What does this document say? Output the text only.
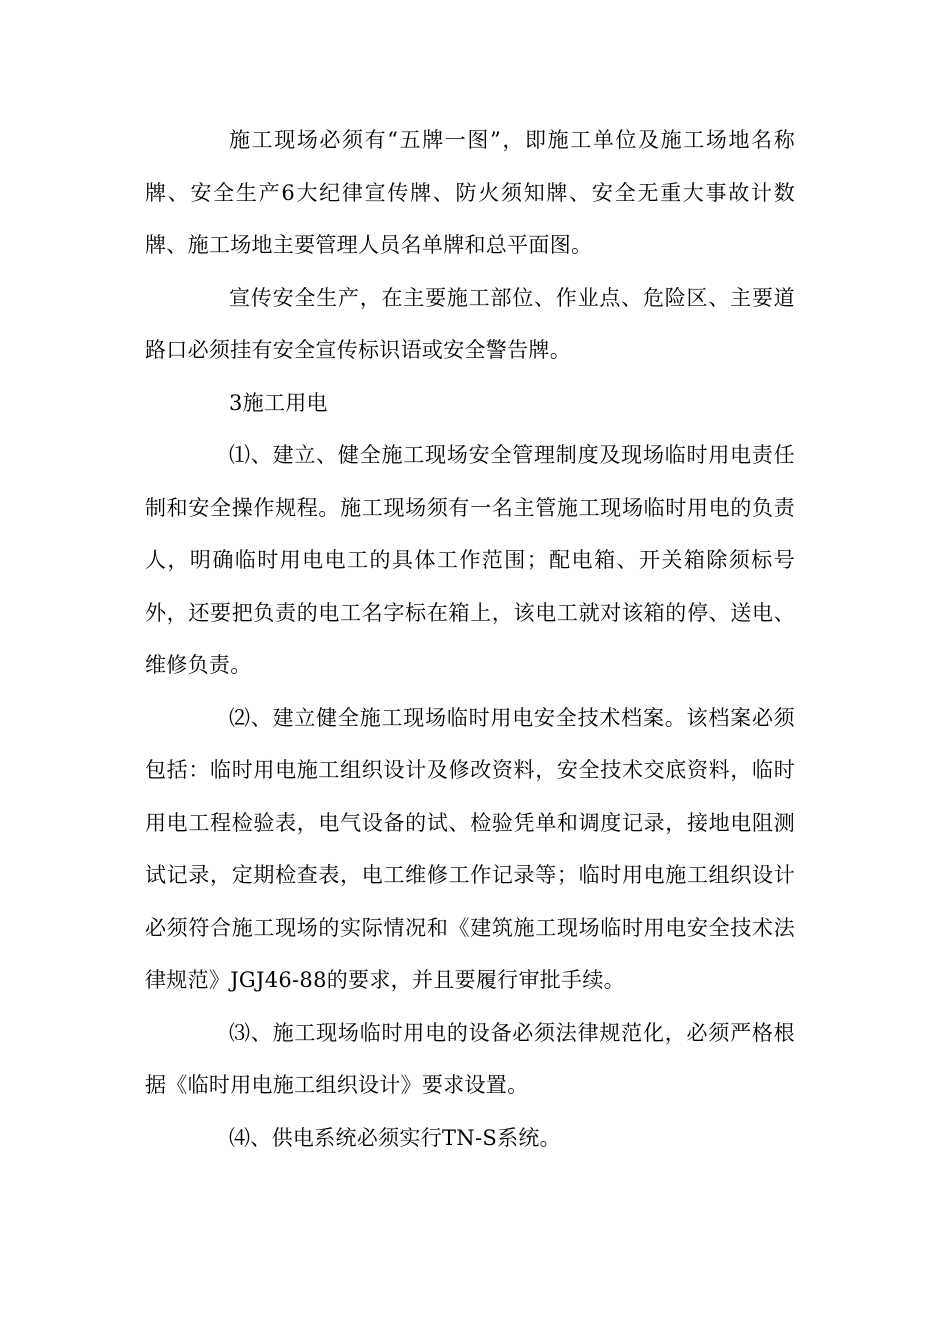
施工现场必须有“五牌一图”，即施工单位及施工场地名称牌、安全生产6大纪律宣传牌、防火须知牌、安全无重大事故计数牌、施工场地主要管理人员名单牌和总平面图。

宣传安全生产，在主要施工部位、作业点、危险区、主要道路口必须挂有安全宣传标识语或安全警告牌。

3施工用电

⑴、建立、健全施工现场安全管理制度及现场临时用电责任制和安全操作规程。施工现场须有一名主管施工现场临时用电的负责人，明确临时用电电工的具体工作范围；配电箱、开关箱除须标号外，还要把负责的电工名字标在箱上，该电工就对该箱的停、送电、维修负责。

⑵、建立健全施工现场临时用电安全技术档案。该档案必须包括：临时用电施工组织设计及修改资料，安全技术交底资料，临时用电工程检验表，电气设备的试、检验凭单和调度记录，接地电阻测试记录，定期检查表，电工维修工作记录等；临时用电施工组织设计必须符合施工现场的实际情况和《建筑施工现场临时用电安全技术法律规范》JGJ46-88的要求，并且要履行审批手续。

⑶、施工现场临时用电的设备必须法律规范化，必须严格根据《临时用电施工组织设计》要求设置。

⑷、供电系统必须实行TN-S系统。
